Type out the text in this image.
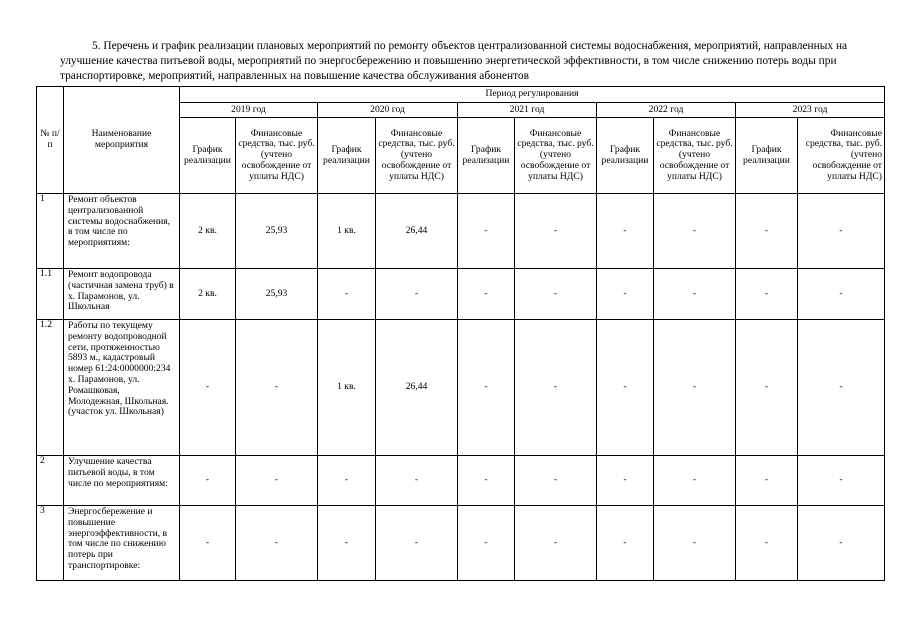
5. Перечень и график реализации плановых мероприятий по ремонту объектов централизованной системы водоснабжения, мероприятий, направленных на улучшение качества питьевой воды, мероприятий по энергосбережению и повышению энергетической эффективности, в том числе снижению потерь воды при транспортировке, мероприятий, направленных на повышение качества обслуживания абонентов
№ п/п	Наименование мероприятия	Период регулирования									
		2019 год		2020 год		2021 год		2022 год		2023 год	
		График реализации	Финансовые средства, тыс. руб. (учтено освобождение от уплаты НДС)	График реализации	Финансовые средства, тыс. руб. (учтено освобождение от уплаты НДС)	График реализации	Финансовые средства, тыс. руб. (учтено освобождение от уплаты НДС)	График реализации	Финансовые средства, тыс. руб. (учтено освобождение от уплаты НДС)	График реализации	Финансовые средства, тыс. руб. (учтено освобождение от уплаты НДС)
1	Ремонт объектов централизованной системы водоснабжения, в том числе по мероприятиям:	2 кв.	25,93	1 кв.	26,44	-	-	-	-	-	-
1.1	Ремонт водопровода (частичная замена труб) в х. Парамонов, ул. Школьная	2 кв.	25,93	-	-	-	-	-	-	-	-
1.2	Работы по текущему ремонту водопроводной сети, протяженностью 5893 м., кадастровый номер 61:24:0000000:234 х. Парамонов, ул. Ромашковая, Молодежная, Школьная. (участок ул. Школьная)	-	-	1 кв.	26,44	-	-	-	-	-	-
2	Улучшение качества питьевой воды, в том числе по мероприятиям:	-	-	-	-	-	-	-	-	-	-
3	Энергосбережение и повышение энергоэффективности, в том числе по снижению потерь при транспортировке:	-	-	-	-	-	-	-	-	-	-
